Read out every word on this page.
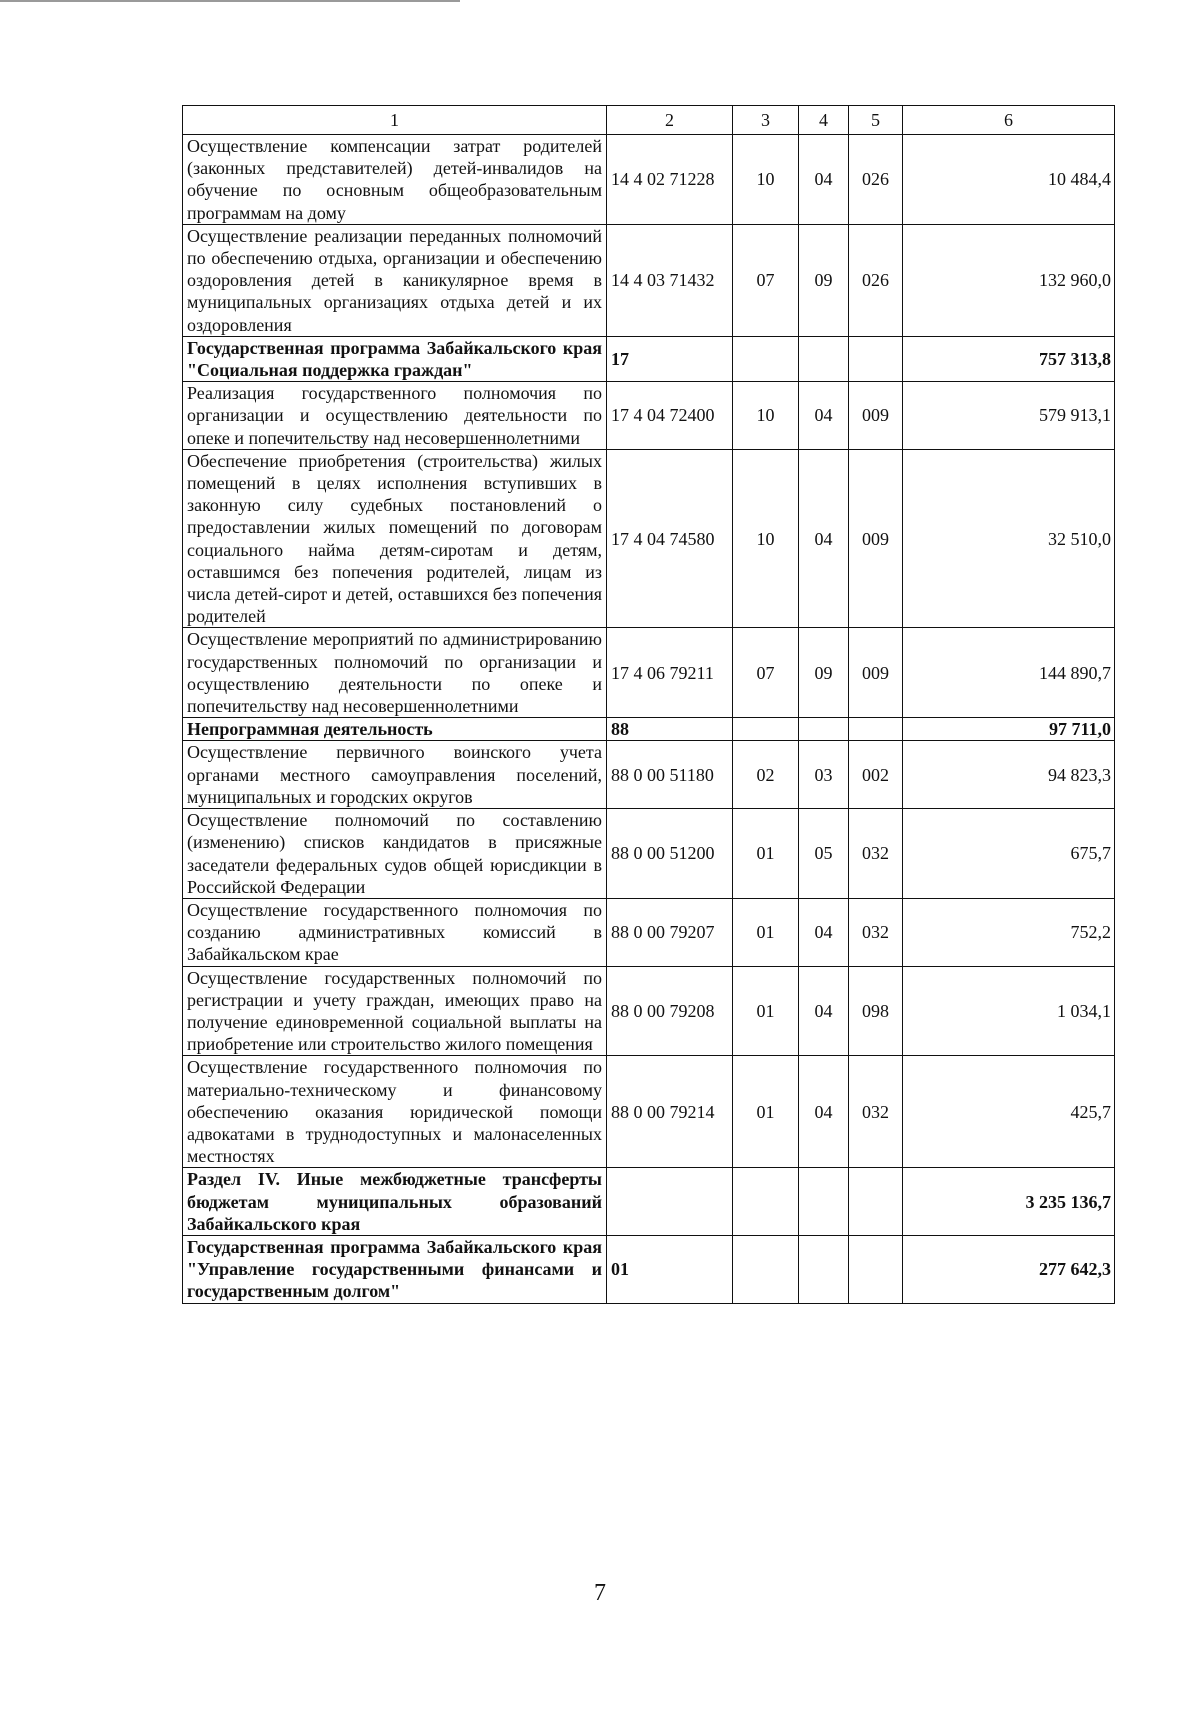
1	2	3	4	5	6
Осуществление компенсации затрат родителей (законных представителей) детей-инвалидов на обучение по основным общеобразовательным программам на дому	14 4 02 71228	10	04	026	10 484,4
Осуществление реализации переданных полномочий по обеспечению отдыха, организации и обеспечению оздоровления детей в каникулярное время в муниципальных организациях отдыха детей и их оздоровления	14 4 03 71432	07	09	026	132 960,0
Государственная программа Забайкальского края "Социальная поддержка граждан"	17				757 313,8
Реализация государственного полномочия по организации и осуществлению деятельности по опеке и попечительству над несовершеннолетними	17 4 04 72400	10	04	009	579 913,1
Обеспечение приобретения (строительства) жилых помещений в целях исполнения вступивших в законную силу судебных постановлений о предоставлении жилых помещений по договорам социального найма детям-сиротам и детям, оставшимся без попечения родителей, лицам из числа детей-сирот и детей, оставшихся без попечения родителей	17 4 04 74580	10	04	009	32 510,0
Осуществление мероприятий по администрированию государственных полномочий по организации и осуществлению деятельности по опеке и попечительству над несовершеннолетними	17 4 06 79211	07	09	009	144 890,7
Непрограммная деятельность	88				97 711,0
Осуществление первичного воинского учета органами местного самоуправления поселений, муниципальных и городских округов	88 0 00 51180	02	03	002	94 823,3
Осуществление полномочий по составлению (изменению) списков кандидатов в присяжные заседатели федеральных судов общей юрисдикции в Российской Федерации	88 0 00 51200	01	05	032	675,7
Осуществление государственного полномочия по созданию административных комиссий в Забайкальском крае	88 0 00 79207	01	04	032	752,2
Осуществление государственных полномочий по регистрации и учету граждан, имеющих право на получение единовременной социальной выплаты на приобретение или строительство жилого помещения	88 0 00 79208	01	04	098	1 034,1
Осуществление государственного полномочия по материально-техническому и финансовому обеспечению оказания юридической помощи адвокатами в труднодоступных и малонаселенных местностях	88 0 00 79214	01	04	032	425,7
Раздел IV. Иные межбюджетные трансферты бюджетам муниципальных образований Забайкальского края					3 235 136,7
Государственная программа Забайкальского края "Управление государственными финансами и государственным долгом"	01				277 642,3
7
